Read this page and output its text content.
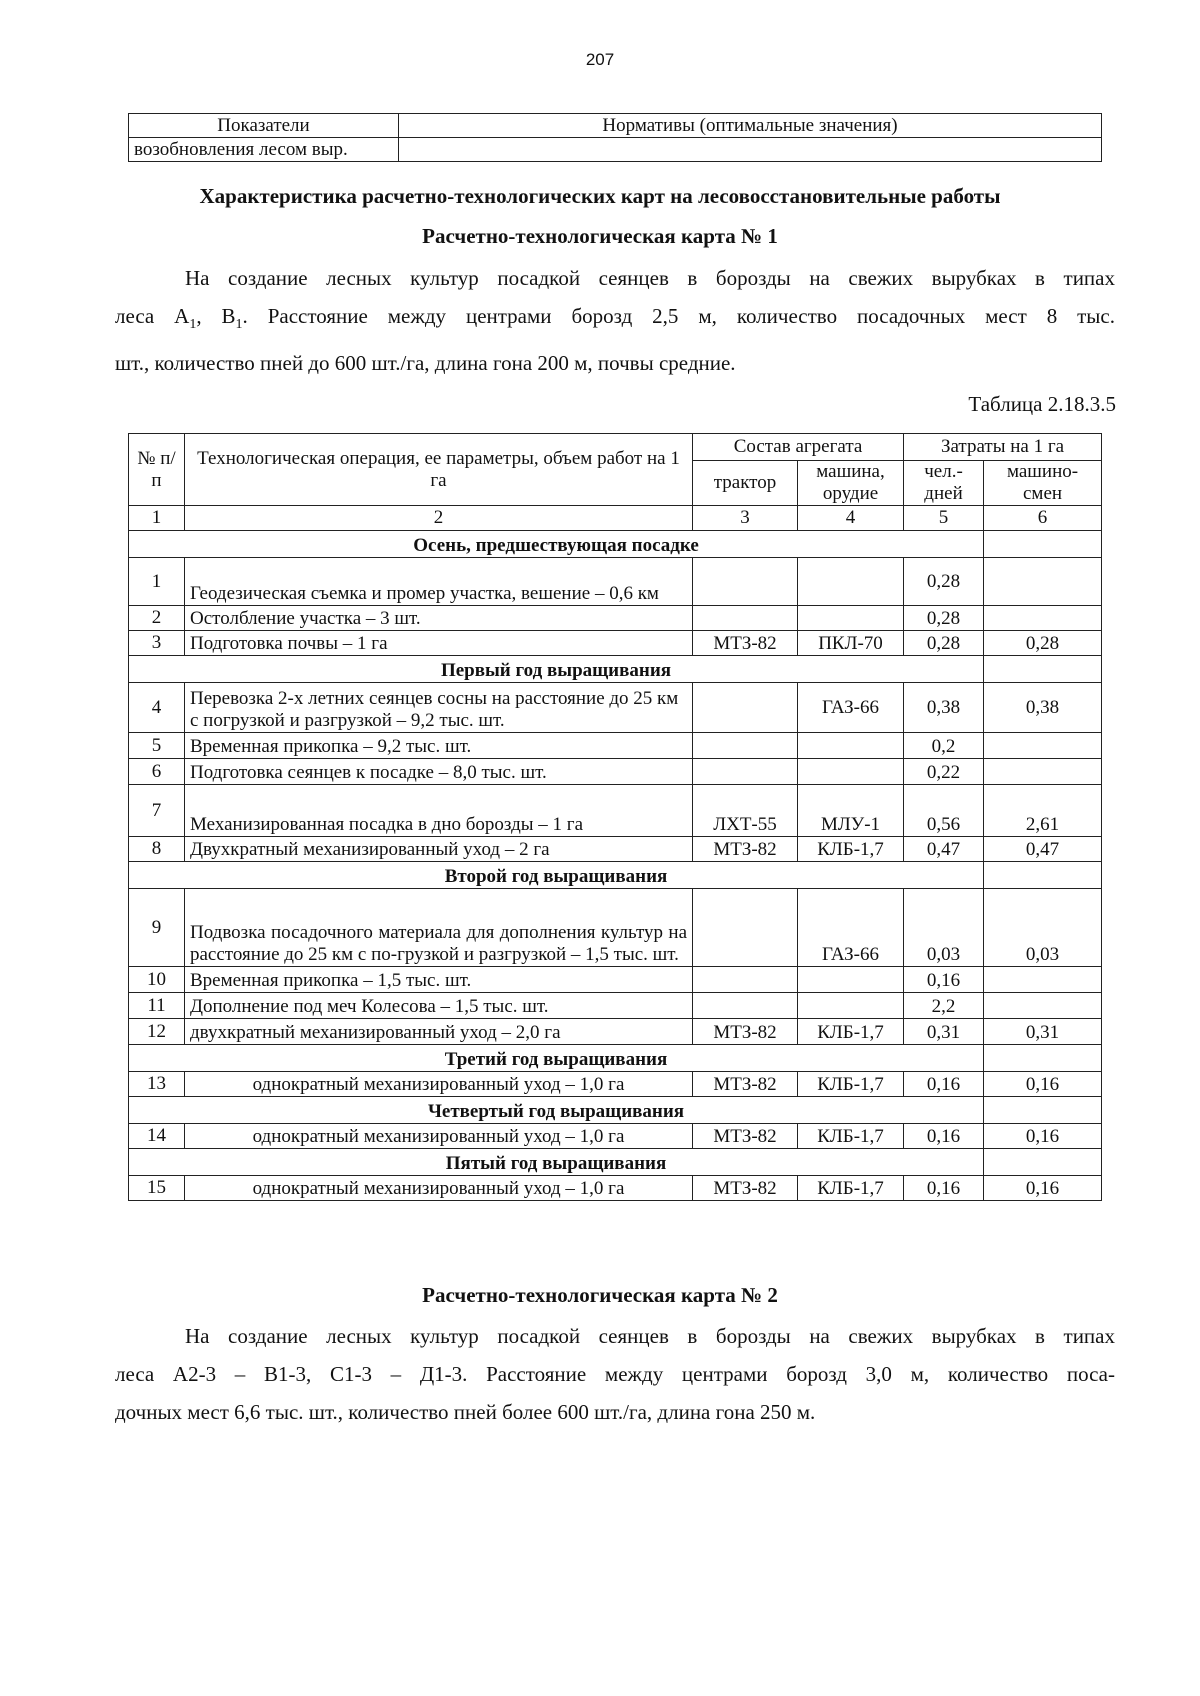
207
Показатели	Нормативы (оптимальные значения)
возобновления лесом выр.	
Характеристика расчетно-технологических карт на лесовосстановительные работы
Расчетно-технологическая карта № 1
На создание лесных культур посадкой сеянцев в борозды на свежих вырубках в типах
леса $А_1$, $В_1$. Расстояние между центрами борозд 2,5 м, количество посадочных мест 8 тыс.
шт., количество пней до 600 шт./га, длина гона 200 м, почвы средние.
Таблица 2.18.3.5
№ п/п	Технологическая операция, ее параметры, объем работ на 1 га	Состав агрегата		Затраты на 1 га	
		трактор	машина, орудие	чел.-дней	машино-смен
1	2	3	4	5	6
Осень, предшествующая посадке					
1	Геодезическая съемка и промер участка, вешение – 0,6 км			0,28	
2	Остолбление участка – 3 шт.			0,28	
3	Подготовка почвы – 1 га	МТЗ-82	ПКЛ-70	0,28	0,28
Первый год выращивания					
4	Перевозка 2-х летних сеянцев сосны на расстояние до 25 км с погрузкой и разгрузкой – 9,2 тыс. шт.		ГАЗ-66	0,38	0,38
5	Временная прикопка – 9,2 тыс. шт.			0,2	
6	Подготовка сеянцев к посадке – 8,0 тыс. шт.			0,22	
7	Механизированная посадка в дно борозды – 1 га	ЛХТ-55	МЛУ-1	0,56	2,61
8	Двухкратный механизированный уход – 2 га	МТЗ-82	КЛБ-1,7	0,47	0,47
Второй год выращивания					
9	Подвозка посадочного материала для дополнения культур на расстояние до 25 км с по-грузкой и разгрузкой – 1,5 тыс. шт.		ГАЗ-66	0,03	0,03
10	Временная прикопка – 1,5 тыс. шт.			0,16	
11	Дополнение под меч Колесова – 1,5 тыс. шт.			2,2	
12	двухкратный механизированный уход – 2,0 га	МТЗ-82	КЛБ-1,7	0,31	0,31
Третий год выращивания					
13	однократный механизированный уход – 1,0 га	МТЗ-82	КЛБ-1,7	0,16	0,16
Четвертый год выращивания					
14	однократный механизированный уход – 1,0 га	МТЗ-82	КЛБ-1,7	0,16	0,16
Пятый год выращивания					
15	однократный механизированный уход – 1,0 га	МТЗ-82	КЛБ-1,7	0,16	0,16
Расчетно-технологическая карта № 2
На создание лесных культур посадкой сеянцев в борозды на свежих вырубках в типах
леса А2-3 – В1-3, С1-3 – Д1-3. Расстояние между центрами борозд 3,0 м, количество поса-
дочных мест 6,6 тыс. шт., количество пней более 600 шт./га, длина гона 250 м.
